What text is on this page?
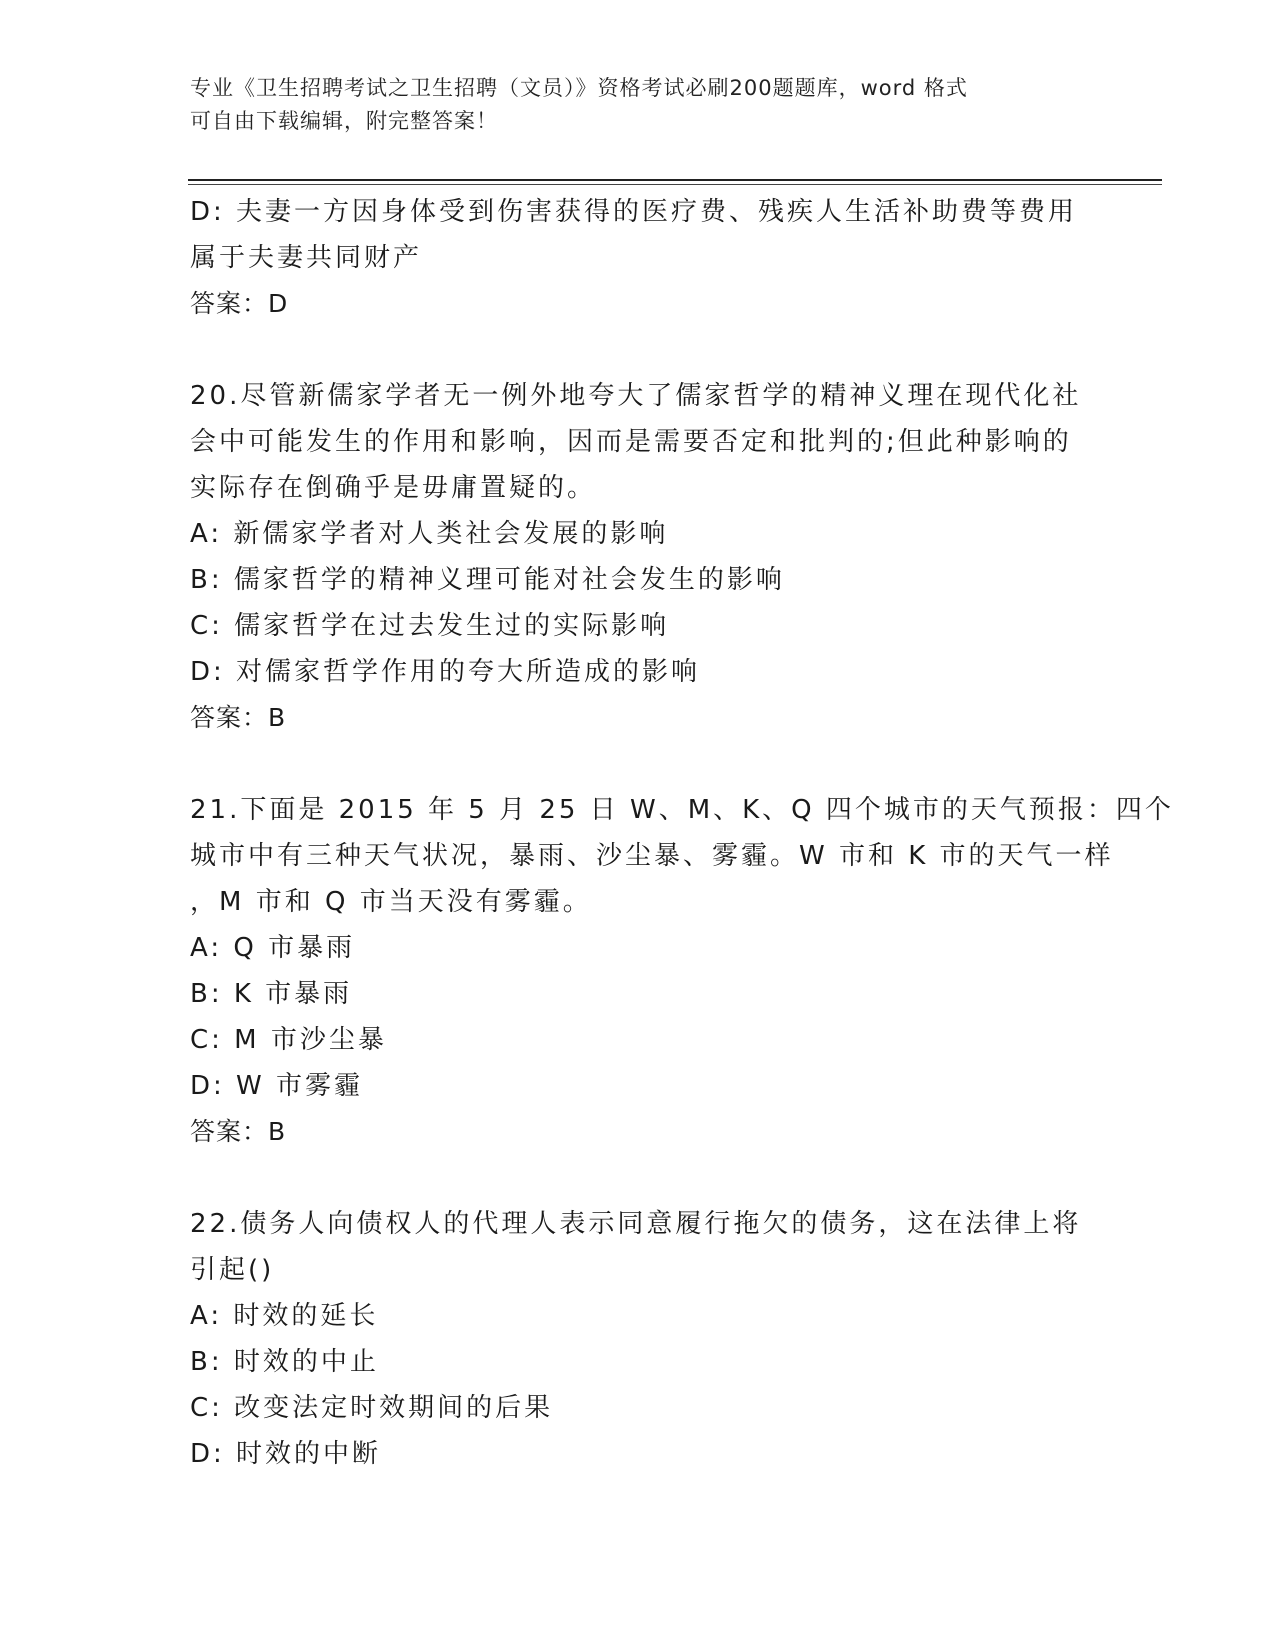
专业《卫生招聘考试之卫生招聘（文员）》资格考试必刷200题题库，word 格式
可自由下载编辑，附完整答案！
D: 夫妻一方因身体受到伤害获得的医疗费、残疾人生活补助费等费用
属于夫妻共同财产
答案：D
20.尽管新儒家学者无一例外地夸大了儒家哲学的精神义理在现代化社
会中可能发生的作用和影响，因而是需要否定和批判的;但此种影响的
实际存在倒确乎是毋庸置疑的。
A: 新儒家学者对人类社会发展的影响
B: 儒家哲学的精神义理可能对社会发生的影响
C: 儒家哲学在过去发生过的实际影响
D: 对儒家哲学作用的夸大所造成的影响
答案：B
21.下面是 2015 年 5 月 25 日 W、M、K、Q 四个城市的天气预报：四个
城市中有三种天气状况，暴雨、沙尘暴、雾霾。W 市和 K 市的天气一样
，M 市和 Q 市当天没有雾霾。
A: Q 市暴雨
B: K 市暴雨
C: M 市沙尘暴
D: W 市雾霾
答案：B
22.债务人向债权人的代理人表示同意履行拖欠的债务，这在法律上将
引起()
A: 时效的延长
B: 时效的中止
C: 改变法定时效期间的后果
D: 时效的中断
